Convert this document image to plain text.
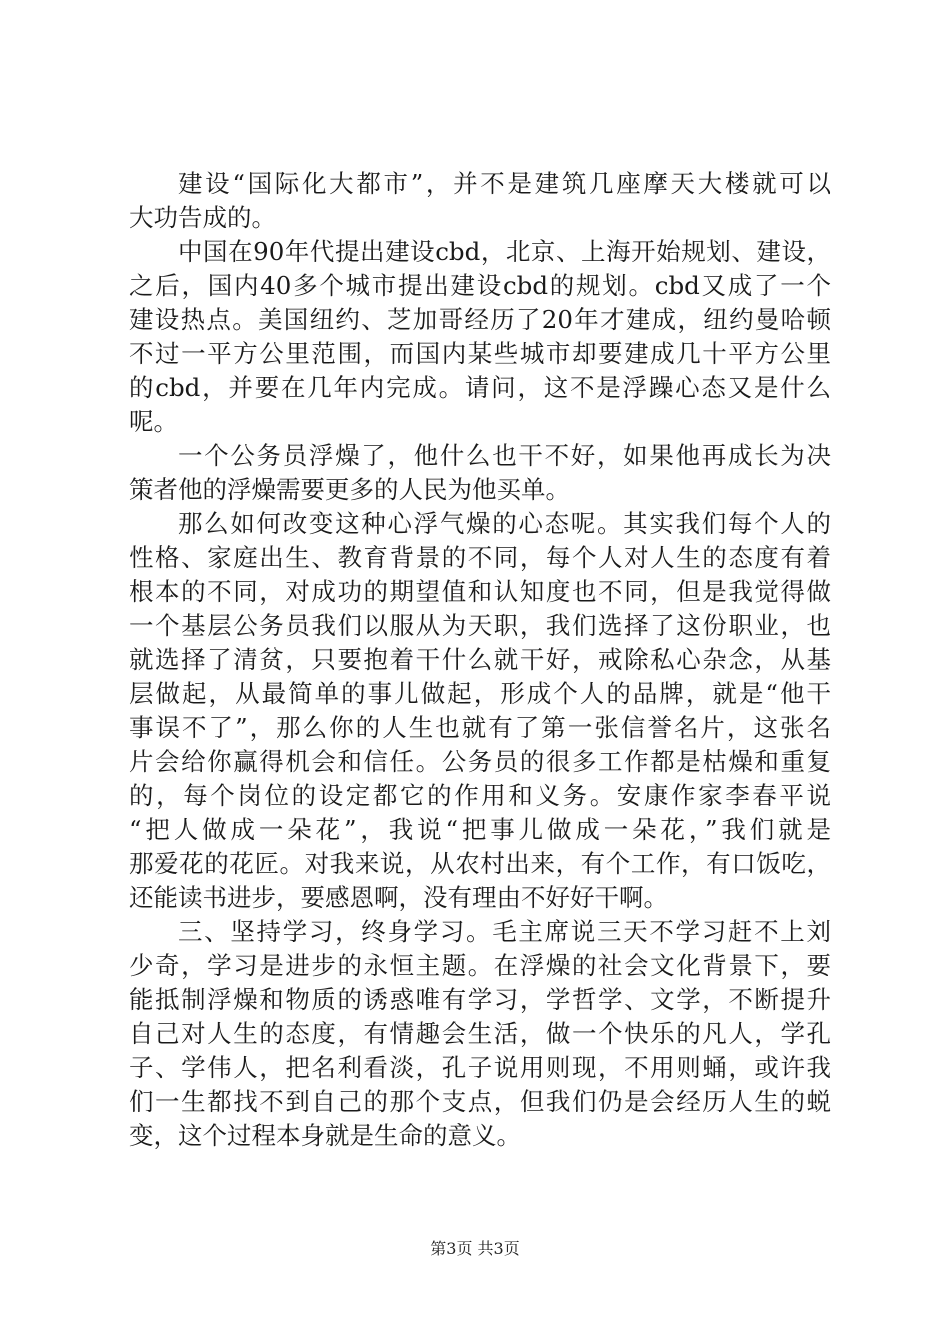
建设“国际化大都市”，并不是建筑几座摩天大楼就可以
大功告成的。
中国在90年代提出建设cbd，北京、上海开始规划、建设，
之后，国内40多个城市提出建设cbd的规划。cbd又成了一个
建设热点。美国纽约、芝加哥经历了20年才建成，纽约曼哈顿
不过一平方公里范围，而国内某些城市却要建成几十平方公里
的cbd，并要在几年内完成。请问，这不是浮躁心态又是什么
呢。
一个公务员浮燥了，他什么也干不好，如果他再成长为决
策者他的浮燥需要更多的人民为他买单。
那么如何改变这种心浮气燥的心态呢。其实我们每个人的
性格、家庭出生、教育背景的不同，每个人对人生的态度有着
根本的不同，对成功的期望值和认知度也不同，但是我觉得做
一个基层公务员我们以服从为天职，我们选择了这份职业，也
就选择了清贫，只要抱着干什么就干好，戒除私心杂念，从基
层做起，从最简单的事儿做起，形成个人的品牌，就是“他干
事误不了”，那么你的人生也就有了第一张信誉名片，这张名
片会给你赢得机会和信任。公务员的很多工作都是枯燥和重复
的，每个岗位的设定都它的作用和义务。安康作家李春平说
“把人做成一朵花”，我说“把事儿做成一朵花，”我们就是
那爱花的花匠。对我来说，从农村出来，有个工作，有口饭吃，
还能读书进步，要感恩啊，没有理由不好好干啊。
三、坚持学习，终身学习。毛主席说三天不学习赶不上刘
少奇，学习是进步的永恒主题。在浮燥的社会文化背景下，要
能抵制浮燥和物质的诱惑唯有学习，学哲学、文学，不断提升
自己对人生的态度，有情趣会生活，做一个快乐的凡人，学孔
子、学伟人，把名利看淡，孔子说用则现，不用则蛹，或许我
们一生都找不到自己的那个支点，但我们仍是会经历人生的蜕
变，这个过程本身就是生命的意义。
第3页 共3页
